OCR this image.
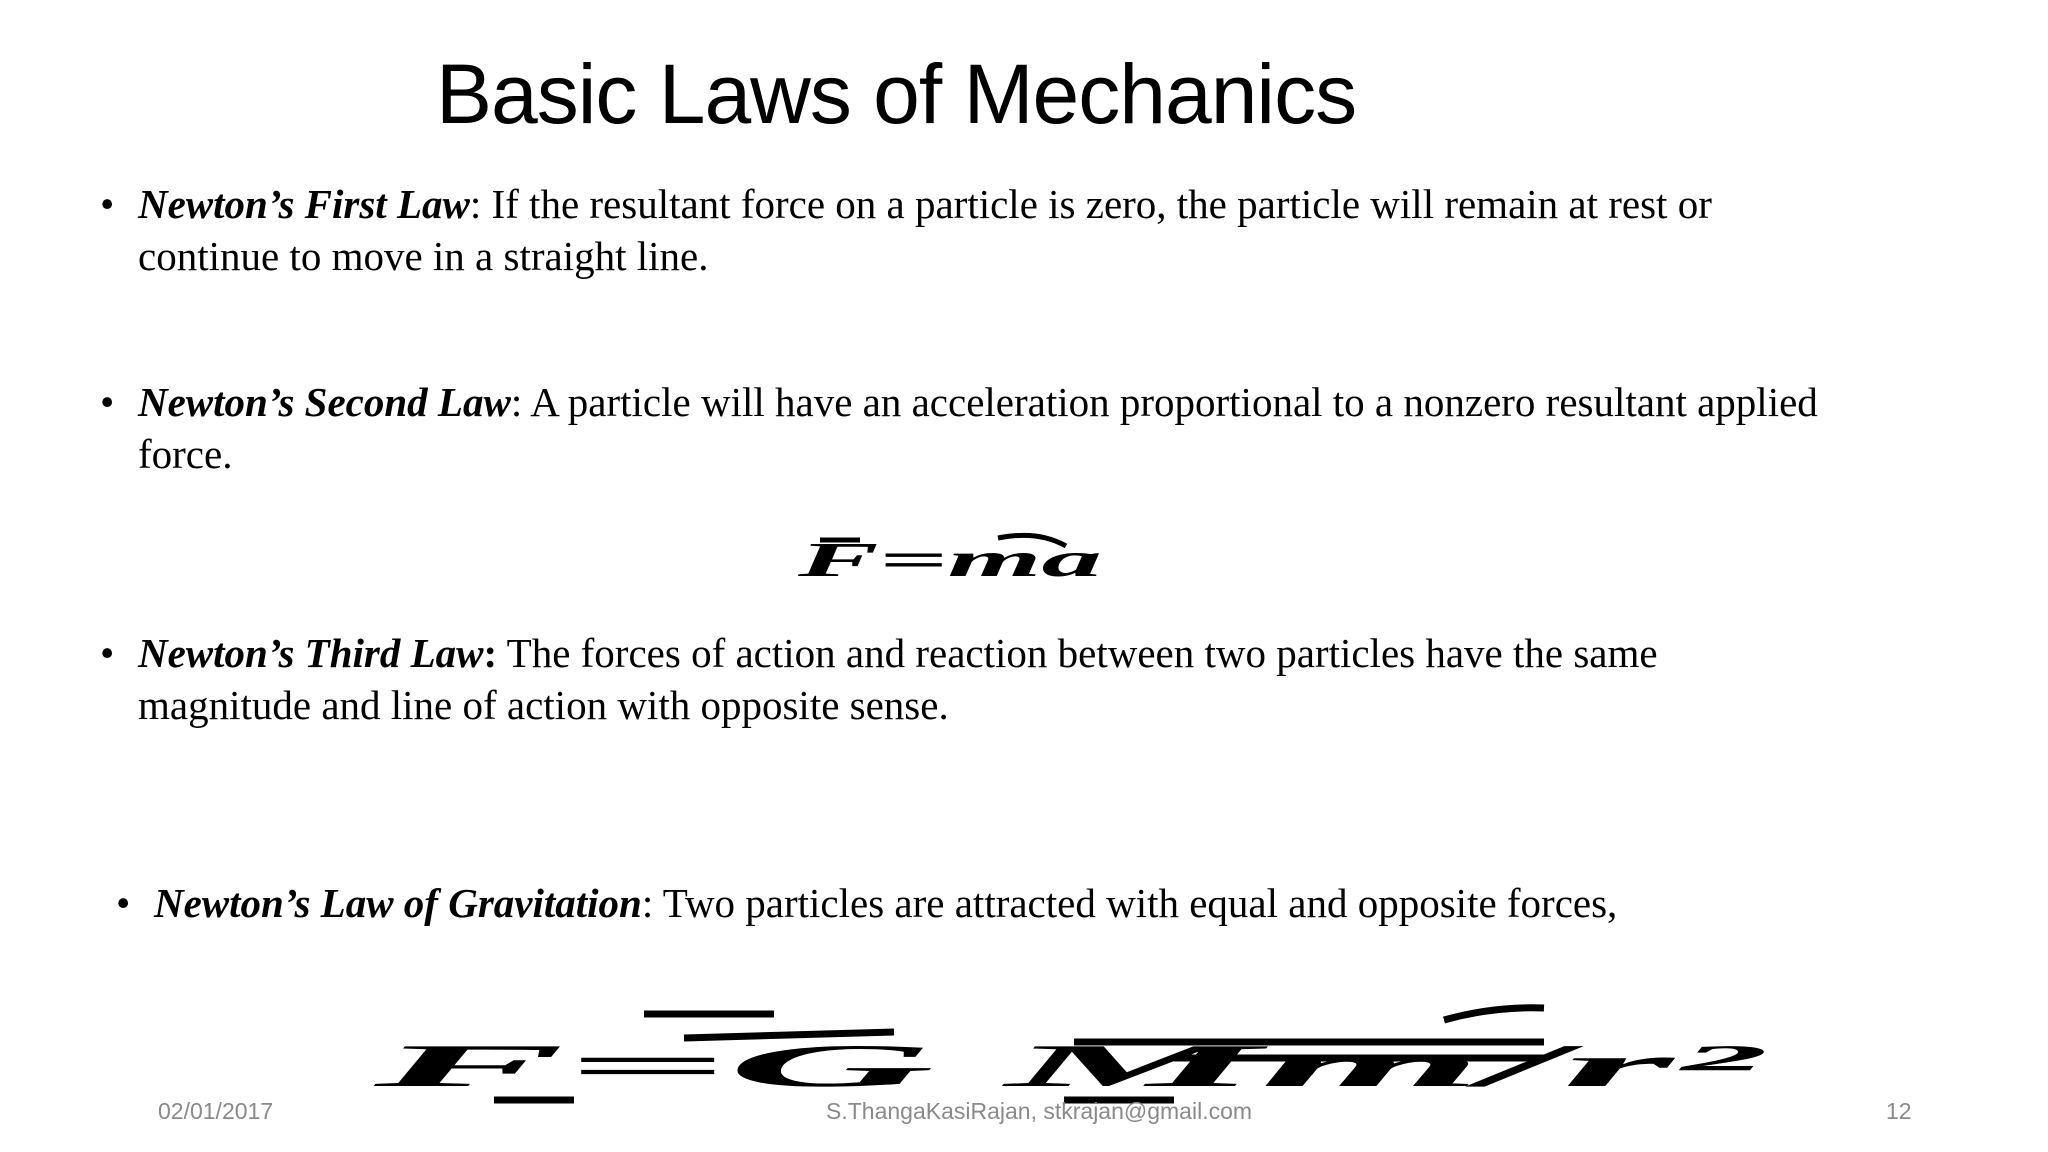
Basic Laws of Mechanics
• Newton’s First Law: If the resultant force on a particle is zero, the particle will remain at rest or continue to move in a straight line.
• Newton’s Second Law: A particle will have an acceleration proportional to a nonzero resultant applied force.
F=ma
• Newton’s Third Law: The forces of action and reaction between two particles have the same magnitude and line of action with opposite sense.
• Newton’s Law of Gravitation: Two particles are attracted with equal and opposite forces,
F=G Mm/r²
02/01/2017	S.ThangaKasiRajan, stkrajan@gmail.com	12
